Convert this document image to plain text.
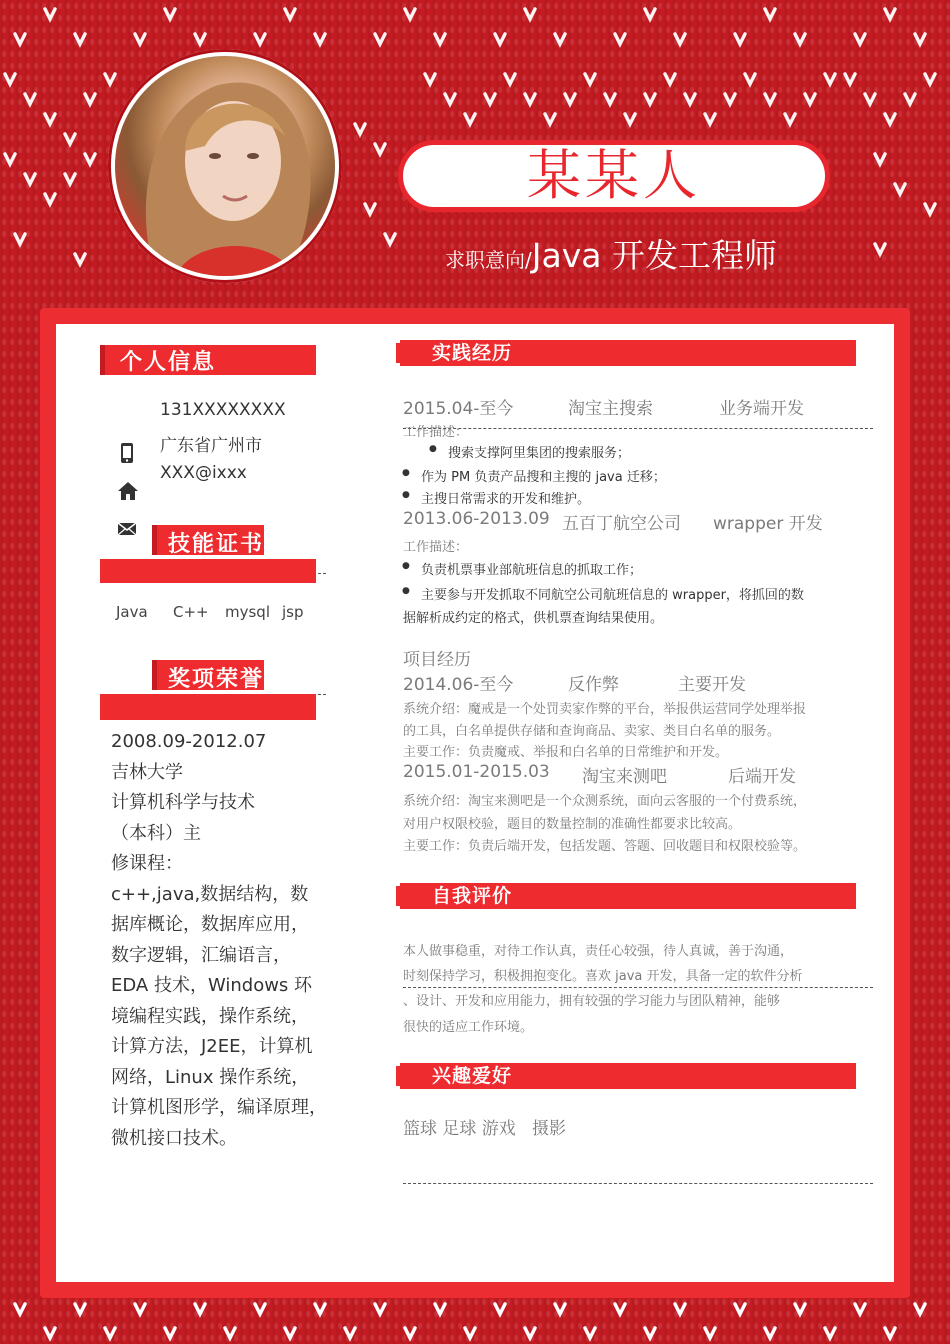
某某人
求职意向/ Java 开发工程师
个人信息
131XXXXXXXX
广东省广州市
XXX@ixxx
技能证书
Java	C++	mysql jsp
奖项荣誉
2008.09-2012.07
吉林大学
计算机科学与技术
（本科）主
修课程：
c++,java,数据结构，数
据库概论，数据库应用，
数字逻辑，汇编语言，
EDA 技术，Windows 环
境编程实践，操作系统，
计算方法，J2EE，计算机
网络，Linux 操作系统，
计算机图形学，编译原理，
微机接口技术。
实践经历
2015.04-至今	淘宝主搜索	业务端开发
工作描述：
● 搜索支撑阿里集团的搜索服务；
● 作为 PM 负责产品搜和主搜的 java 迁移；
● 主搜日常需求的开发和维护。
2013.06-2013.09 五百丁航空公司 wrapper 开发
工作描述：
● 负责机票事业部航班信息的抓取工作；
● 主要参与开发抓取不同航空公司航班信息的 wrapper，将抓回的数
据解析成约定的格式，供机票查询结果使用。
项目经历
2014.06-至今	反作弊	主要开发
系统介绍：魔戒是一个处罚卖家作弊的平台，举报供运营同学处理举报
的工具，白名单提供存储和查询商品、卖家、类目白名单的服务。
主要工作：负责魔戒、举报和白名单的日常维护和开发。
2015.01-2015.03 淘宝来测吧	后端开发
系统介绍：淘宝来测吧是一个众测系统，面向云客服的一个付费系统，
对用户权限校验，题目的数量控制的准确性都要求比较高。
主要工作：负责后端开发，包括发题、答题、回收题目和权限校验等。
自我评价
本人做事稳重，对待工作认真，责任心较强，待人真诚，善于沟通，
时刻保持学习，积极拥抱变化。喜欢 java 开发，具备一定的软件分析
、设计、开发和应用能力，拥有较强的学习能力与团队精神，能够
很快的适应工作环境。
兴趣爱好
篮球 足球 游戏   摄影
